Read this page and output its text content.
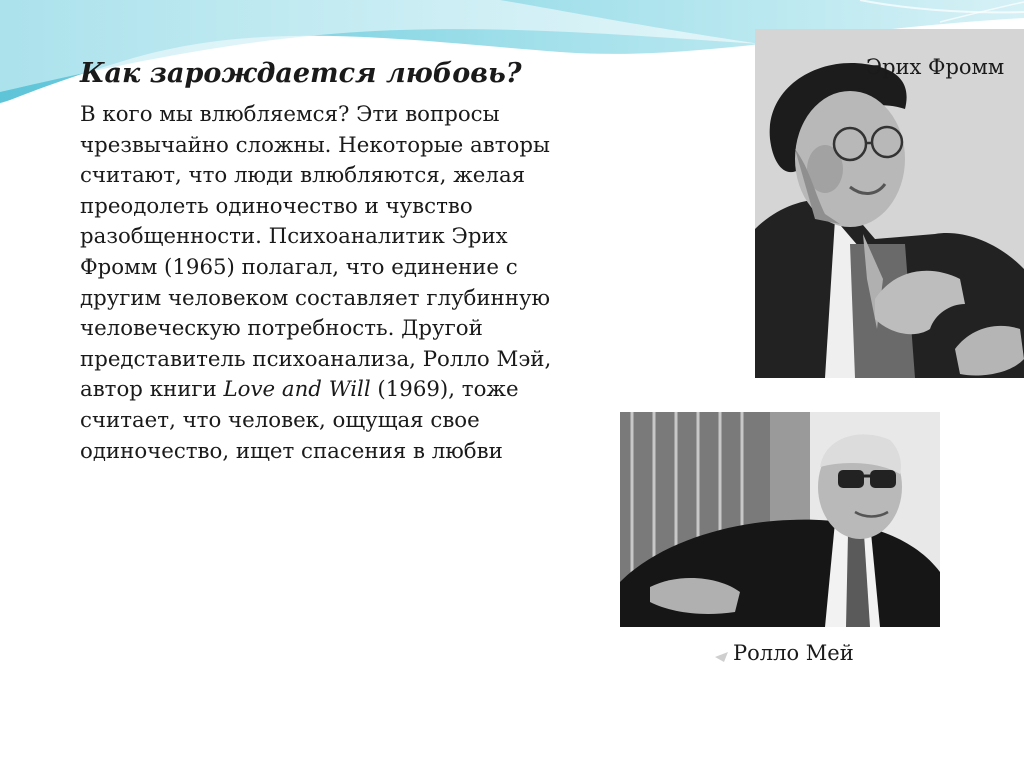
Как зарождается любовь?

В кого мы влюбляемся? Эти вопросы чрезвычайно сложны. Некоторые авторы считают, что люди влюбляются, желая преодолеть одиночество и чувство разобщенности. Психоаналитик Эрих Фромм (1965) полагал, что единение с другим человеком составляет глубинную человеческую потребность. Другой представитель психоанализа, Ролло Мэй, автор книги Love and Will (1969), тоже считает, что человек, ощущая свое одиночество, ищет спасения в любви

Эрих Фромм
Ролло Мей
